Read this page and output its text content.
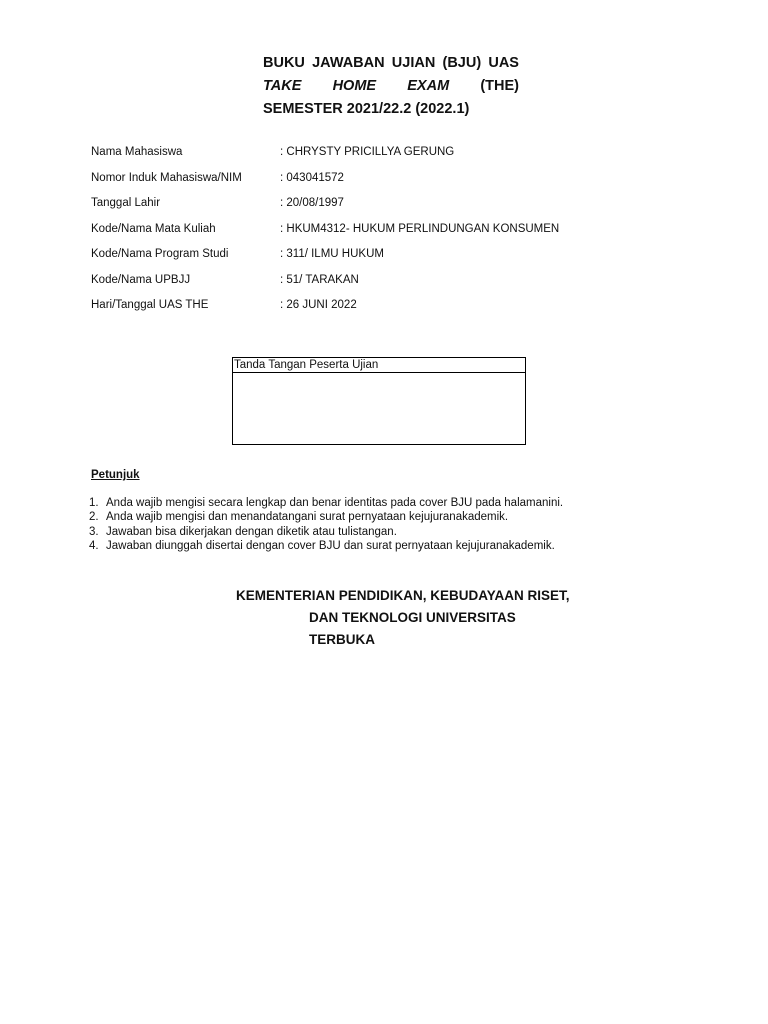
BUKU JAWABAN UJIAN (BJU) UAS
TAKE HOME EXAM (THE)
SEMESTER 2021/22.2 (2022.1)
Nama Mahasiswa	: CHRYSTY PRICILLYA GERUNG
Nomor Induk Mahasiswa/NIM	: 043041572
Tanggal Lahir	: 20/08/1997
Kode/Nama Mata Kuliah	: HKUM4312- HUKUM PERLINDUNGAN KONSUMEN
Kode/Nama Program Studi	: 311/ ILMU HUKUM
Kode/Nama UPBJJ	: 51/ TARAKAN
Hari/Tanggal UAS THE	: 26 JUNI 2022
Tanda Tangan Peserta Ujian
Petunjuk
1. Anda wajib mengisi secara lengkap dan benar identitas pada cover BJU pada halamanini.
2. Anda wajib mengisi dan menandatangani surat pernyataan kejujuranakademik.
3. Jawaban bisa dikerjakan dengan diketik atau tulistangan.
4. Jawaban diunggah disertai dengan cover BJU dan surat pernyataan kejujuranakademik.
KEMENTERIAN PENDIDIKAN, KEBUDAYAAN RISET,
DAN TEKNOLOGI UNIVERSITAS
TERBUKA
